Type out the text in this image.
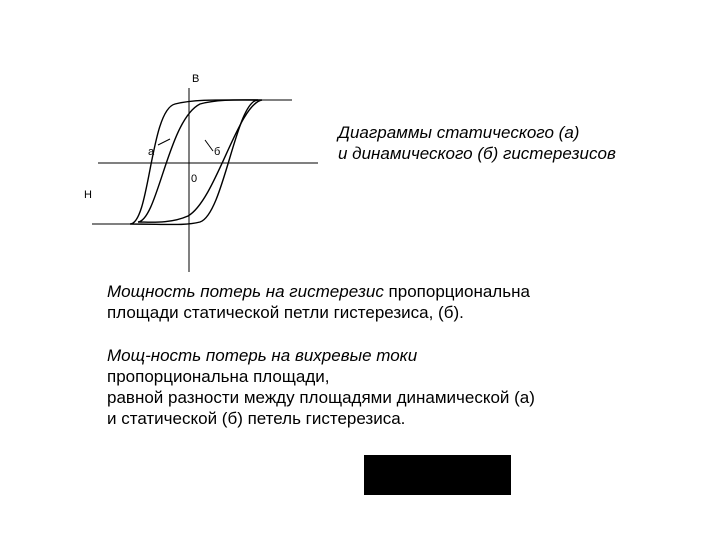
B
H
0
а	б
Диаграммы статического (а)
и динамического (б) гистерезисов
Мощность потерь на гистерезис пропорциональна
площади статической петли гистерезиса, (б).
Мощ-ность потерь на вихревые токи
пропорциональна площади,
равной разности между площадями динамической (а)
и статической (б) петель гистерезиса.
